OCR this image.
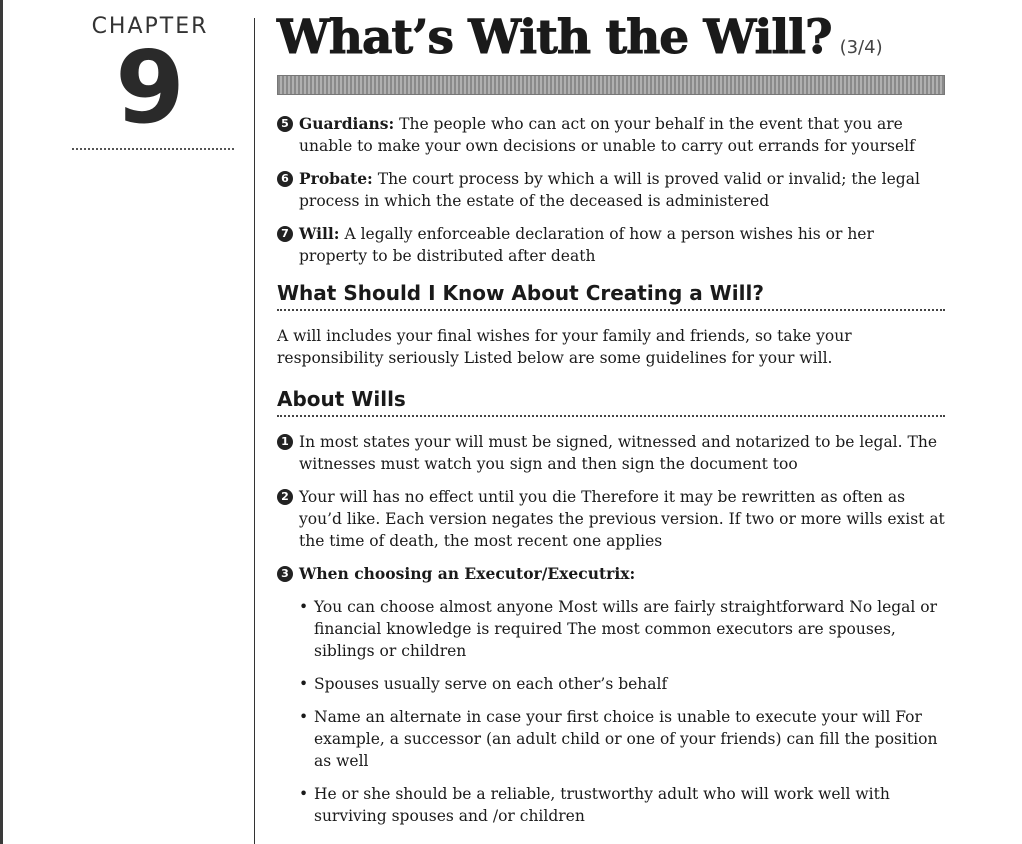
CHAPTER
9	What’s With the Will? (3/4)

5 Guardians: The people who can act on your behalf in the event that you are unable to make your own decisions or unable to carry out errands for yourself

6 Probate: The court process by which a will is proved valid or invalid; the legal process in which the estate of the deceased is administered

7 Will: A legally enforceable declaration of how a person wishes his or her property to be distributed after death

What Should I Know About Creating a Will?

A will includes your final wishes for your family and friends, so take your responsibility seriously Listed below are some guidelines for your will.

About Wills

1 In most states your will must be signed, witnessed and notarized to be legal. The witnesses must watch you sign and then sign the document too

2 Your will has no effect until you die Therefore it may be rewritten as often as you’d like. Each version negates the previous version. If two or more wills exist at the time of death, the most recent one applies

3 When choosing an Executor/Executrix:

• You can choose almost anyone Most wills are fairly straightforward No legal or financial knowledge is required The most common executors are spouses, siblings or children
• Spouses usually serve on each other’s behalf
• Name an alternate in case your first choice is unable to execute your will For example, a successor (an adult child or one of your friends) can fill the position as well
• He or she should be a reliable, trustworthy adult who will work well with surviving spouses and /or children
